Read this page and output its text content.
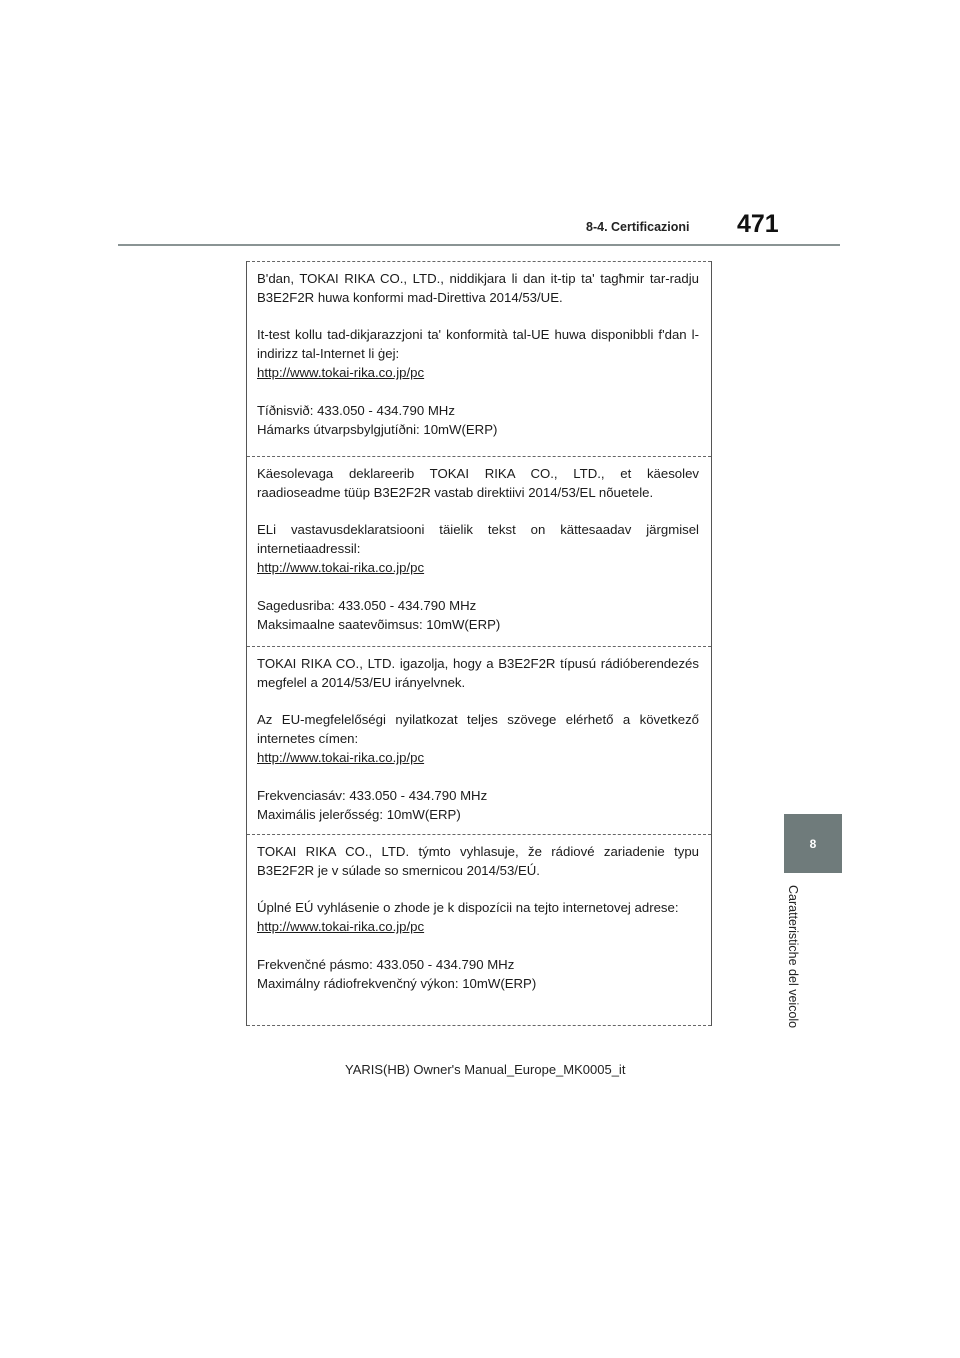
8-4. Certificazioni 471
8
Caratteristiche del veicolo

B'dan, TOKAI RIKA CO., LTD., niddikjara li dan it-tip ta' tagħmir tar-radju B3E2F2R huwa konformi mad-Direttiva 2014/53/UE.

It-test kollu tad-dikjarazzjoni ta' konformità tal-UE huwa disponibbli f'dan l-indirizz tal-Internet li ġej:

http://www.tokai-rika.co.jp/pc

Tíðnisvið: 433.050 - 434.790 MHz

Hámarks útvarpsbylgjutíðni: 10mW(ERP)

Käesolevaga deklareerib TOKAI RIKA CO., LTD., et käesolev raadioseadme tüüp B3E2F2R vastab direktiivi 2014/53/EL nõuetele.

ELi vastavusdeklaratsiooni täielik tekst on kättesaadav järgmisel internetiaadressil:

http://www.tokai-rika.co.jp/pc

Sagedusriba: 433.050 - 434.790 MHz

Maksimaalne saatevõimsus: 10mW(ERP)

TOKAI RIKA CO., LTD. igazolja, hogy a B3E2F2R típusú rádióberendezés megfelel a 2014/53/EU irányelvnek.

Az EU-megfelelőségi nyilatkozat teljes szövege elérhető a következő internetes címen:

http://www.tokai-rika.co.jp/pc

Frekvenciasáv: 433.050 - 434.790 MHz

Maximális jelerősség: 10mW(ERP)

TOKAI RIKA CO., LTD. týmto vyhlasuje, že rádiové zariadenie typu B3E2F2R je v súlade so smernicou 2014/53/EÚ.

Úplné EÚ vyhlásenie o zhode je k dispozícii na tejto internetovej adrese:

http://www.tokai-rika.co.jp/pc

Frekvenčné pásmo: 433.050 - 434.790 MHz

Maximálny rádiofrekvenčný výkon: 10mW(ERP)

YARIS(HB) Owner's Manual_Europe_MK0005_it
